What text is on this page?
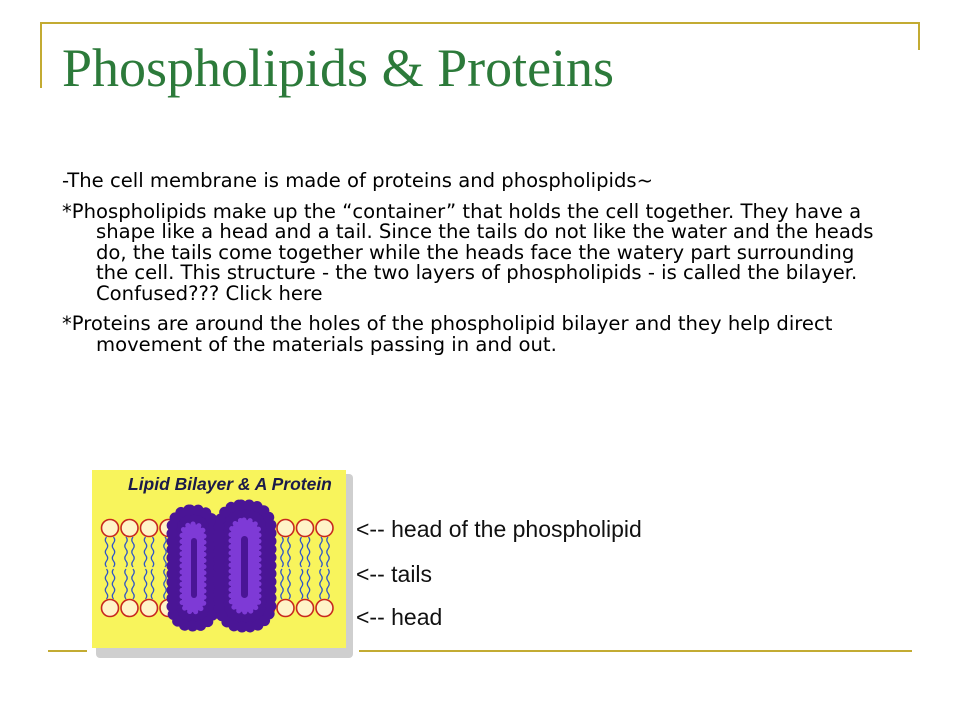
Phospholipids & Proteins

-The cell membrane is made of proteins and phospholipids~

*Phospholipids make up the “container” that holds the cell together. They have a shape like a head and a tail. Since the tails do not like the water and the heads do, the tails come together while the heads face the watery part surrounding the cell. This structure - the two layers of phospholipids - is called the bilayer. Confused??? Click here

*Proteins are around the holes of the phospholipid bilayer and they help direct movement of the materials passing in and out.

Lipid Bilayer & A Protein
<-- head of the phospholipid
<-- tails
<-- head
